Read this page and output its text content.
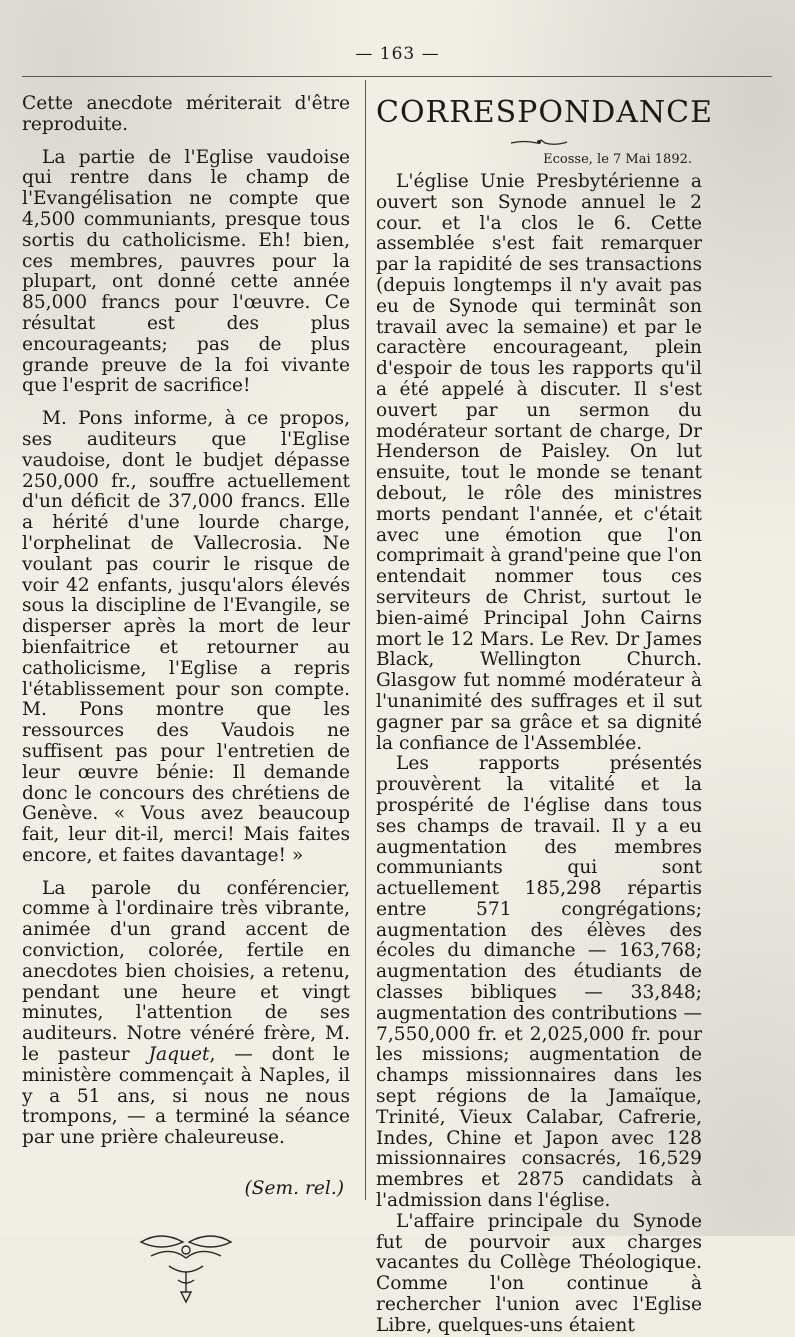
— 163 —

Cette anecdote mériterait d'être reproduite.

La partie de l'Eglise vaudoise qui rentre dans le champ de l'Evangélisation ne compte que 4,500 communiants, presque tous sortis du catholicisme. Eh! bien, ces membres, pauvres pour la plupart, ont donné cette année 85,000 francs pour l'œuvre. Ce résultat est des plus encourageants; pas de plus grande preuve de la foi vivante que l'esprit de sacrifice!

M. Pons informe, à ce propos, ses auditeurs que l'Eglise vaudoise, dont le budjet dépasse 250,000 fr., souffre actuellement d'un déficit de 37,000 francs. Elle a hérité d'une lourde charge, l'orphelinat de Vallecrosia. Ne voulant pas courir le risque de voir 42 enfants, jusqu'alors élevés sous la discipline de l'Evangile, se disperser après la mort de leur bienfaitrice et retourner au catholicisme, l'Eglise a repris l'établissement pour son compte. M. Pons montre que les ressources des Vaudois ne suffisent pas pour l'entretien de leur œuvre bénie: Il demande donc le concours des chrétiens de Genève. « Vous avez beaucoup fait, leur dit-il, merci! Mais faites encore, et faites davantage! »

La parole du conférencier, comme à l'ordinaire très vibrante, animée d'un grand accent de conviction, colorée, fertile en anecdotes bien choisies, a retenu, pendant une heure et vingt minutes, l'attention de ses auditeurs. Notre vénéré frère, M. le pasteur Jaquet, — dont le ministère commençait à Naples, il y a 51 ans, si nous ne nous trompons, — a terminé la séance par une prière chaleureuse.

(Sem. rel.)
CORRESPONDANCE
Ecosse, le 7 Mai 1892.

L'église Unie Presbytérienne a ouvert son Synode annuel le 2 cour. et l'a clos le 6. Cette assemblée s'est fait remarquer par la rapidité de ses transactions (depuis longtemps il n'y avait pas eu de Synode qui terminât son travail avec la semaine) et par le caractère encourageant, plein d'espoir de tous les rapports qu'il a été appelé à discuter. Il s'est ouvert par un sermon du modérateur sortant de charge, Dr Henderson de Paisley. On lut ensuite, tout le monde se tenant debout, le rôle des ministres morts pendant l'année, et c'était avec une émotion que l'on comprimait à grand'peine que l'on entendait nommer tous ces serviteurs de Christ, surtout le bien-aimé Principal John Cairns mort le 12 Mars. Le Rev. Dr James Black, Wellington Church. Glasgow fut nommé modérateur à l'unanimité des suffrages et il sut gagner par sa grâce et sa dignité la confiance de l'Assemblée.

Les rapports présentés prouvèrent la vitalité et la prospérité de l'église dans tous ses champs de travail. Il y a eu augmentation des membres communiants qui sont actuellement 185,298 répartis entre 571 congrégations; augmentation des élèves des écoles du dimanche — 163,768; augmentation des étudiants de classes bibliques — 33,848; augmentation des contributions — 7,550,000 fr. et 2,025,000 fr. pour les missions; augmentation de champs missionnaires dans les sept régions de la Jamaïque, Trinité, Vieux Calabar, Cafrerie, Indes, Chine et Japon avec 128 missionnaires consacrés, 16,529 membres et 2875 candidats à l'admission dans l'église.

L'affaire principale du Synode fut de pourvoir aux charges vacantes du Collège Théologique. Comme l'on continue à rechercher l'union avec l'Eglise Libre, quelques-uns étaient
